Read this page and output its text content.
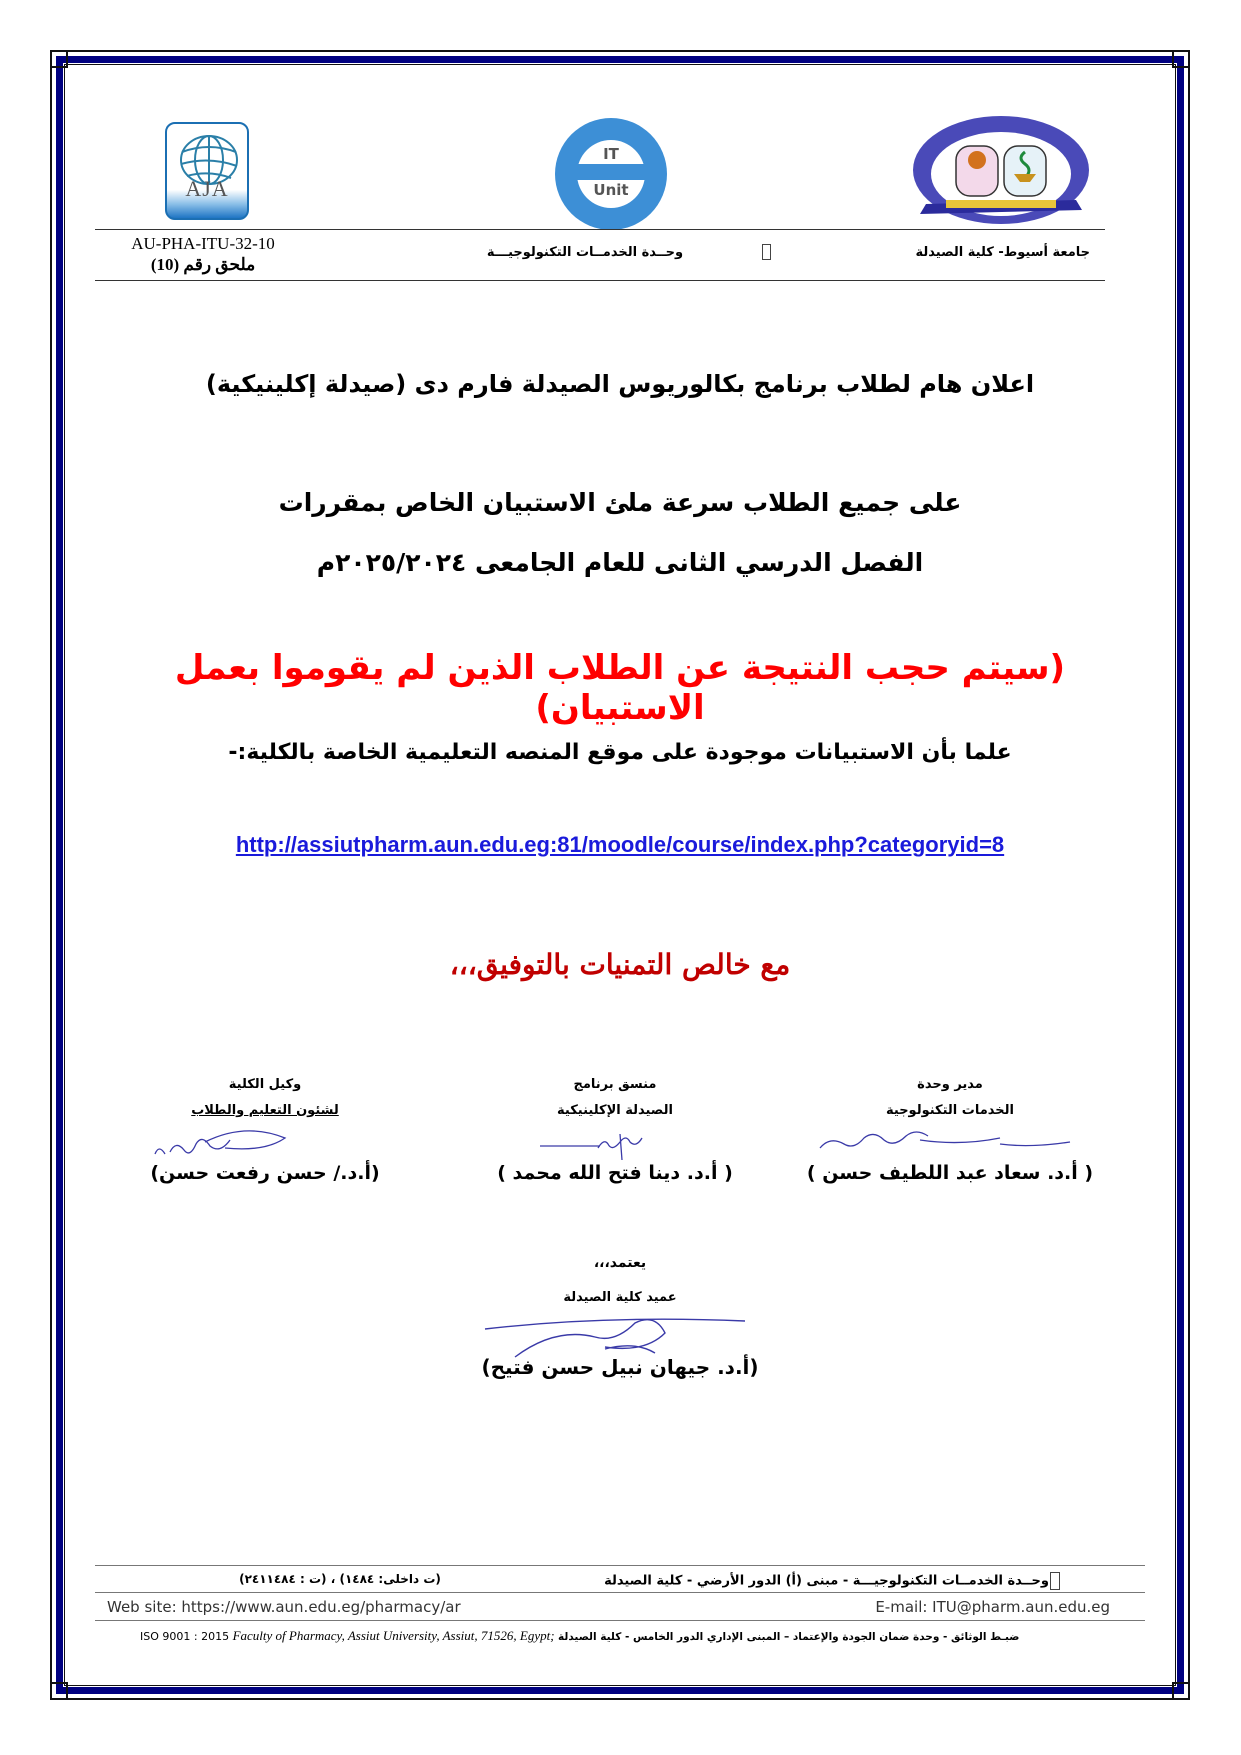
AJA
IT
Unit
AU-PHA-ITU-32-10
ملحق رقم (10)
وحــدة الخدمــات التكنولوجيـــة	جامعة أسيوط- كلية الصيدلة
اعلان هام لطلاب برنامج بكالوريوس الصيدلة فارم دى (صيدلة إكلينيكية)
على جميع الطلاب سرعة ملئ الاستبيان الخاص بمقررات
الفصل الدرسي الثانى للعام الجامعى ٢٠٢٥/٢٠٢٤م
(سيتم حجب النتيجة عن الطلاب الذين لم يقوموا بعمل الاستبيان)
علما بأن الاستبيانات موجودة على موقع المنصه التعليمية الخاصة بالكلية:-
http://assiutpharm.aun.edu.eg:81/moodle/course/index.php?categoryid=8
مع خالص التمنيات بالتوفيق،،،
وكيل الكلية
لشئون التعليم والطلاب
(أ.د./ حسن رفعت حسن)
منسق برنامج
الصيدلة الإكلينيكية
( أ.د. دينا فتح الله محمد )
مدير وحدة
الخدمات التكنولوجية
( أ.د. سعاد عبد اللطيف حسن )
يعتمد،،،
عميد كلية الصيدلة
(أ.د. جيهان نبيل حسن فتيح)
وحــدة الخدمــات التكنولوجيـــة - مبنى (أ) الدور الأرضي - كلية الصيدلة
(ت داخلى: ١٤٨٤) ، (ت : ٢٤١١٤٨٤)
Web site: https://www.aun.edu.eg/pharmacy/ar	E-mail: ITU@pharm.aun.edu.eg
ISO 9001 : 2015 Faculty of Pharmacy, Assiut University, Assiut, 71526, Egypt; ضبـط الوثائق - وحدة ضمان الجودة والإعتماد – المبنى الإداري الدور الخامس - كلية الصيدلة
